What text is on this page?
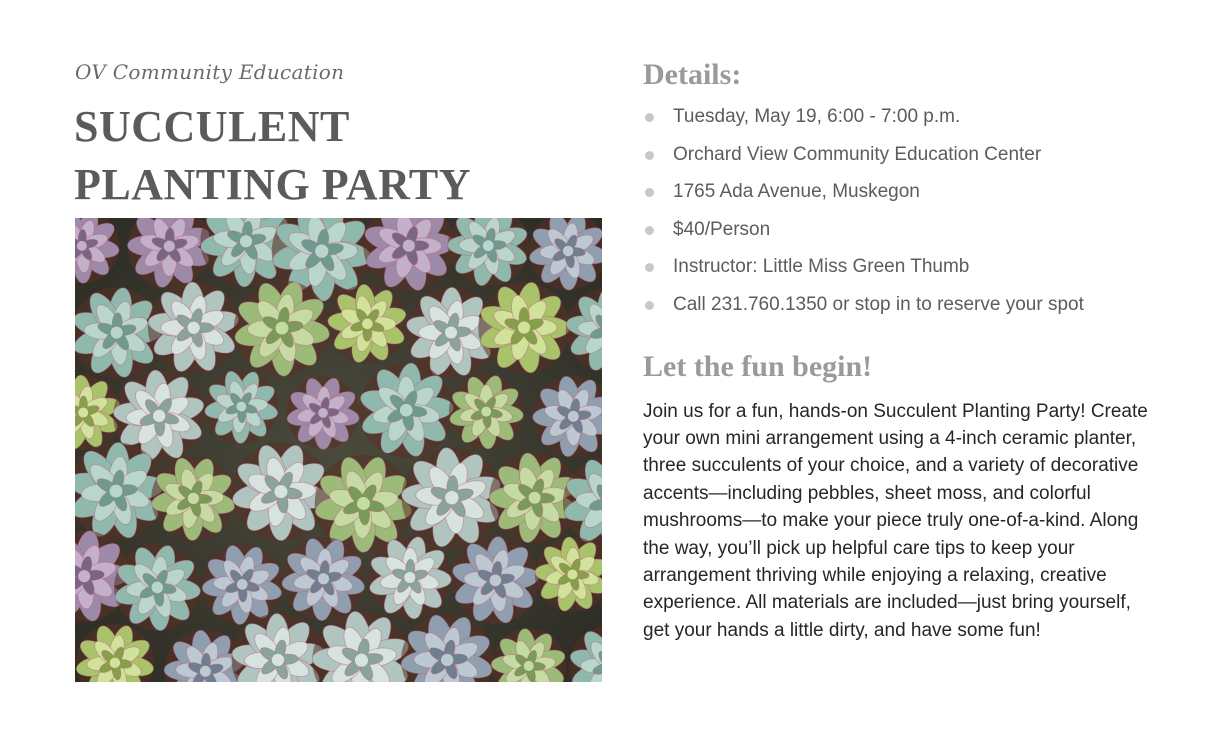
OV Community Education
SUCCULENT
PLANTING PARTY
Details:
Tuesday, May 19, 6:00 - 7:00 p.m.
Orchard View Community Education Center
1765 Ada Avenue, Muskegon
$40/Person
Instructor: Little Miss Green Thumb
Call 231.760.1350 or stop in to reserve your spot
Let the fun begin!

Join us for a fun, hands-on Succulent Planting Party! Create your own mini arrangement using a 4-inch ceramic planter, three succulents of your choice, and a variety of decorative accents—including pebbles, sheet moss, and colorful mushrooms—to make your piece truly one-of-a-kind. Along the way, you’ll pick up helpful care tips to keep your arrangement thriving while enjoying a relaxing, creative experience. All materials are included—just bring yourself, get your hands a little dirty, and have some fun!
